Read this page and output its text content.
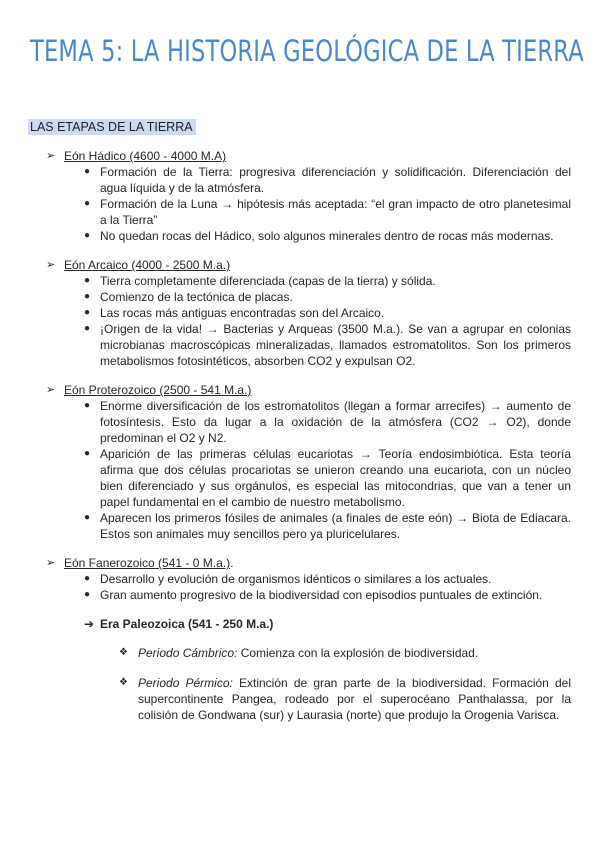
TEMA 5: LA HISTORIA GEOLÓGICA DE LA TIERRA
LAS ETAPAS DE LA TIERRA
➢ Eón Hádico (4600 - 4000 M.A)
● Formación de la Tierra: progresiva diferenciación y solidificación. Diferenciación del agua líquida y de la atmósfera.
● Formación de la Luna → hipótesis más aceptada: “el gran impacto de otro planetesimal a la Tierra”
● No quedan rocas del Hádico, solo algunos minerales dentro de rocas más modernas.
➢ Eón Arcaico (4000 - 2500 M.a.)
● Tierra completamente diferenciada (capas de la tierra) y sólida.
● Comienzo de la tectónica de placas.
● Las rocas más antiguas encontradas son del Arcaico.
● ¡Origen de la vida! → Bacterias y Arqueas (3500 M.a.). Se van a agrupar en colonias microbianas macroscópicas mineralizadas, llamados estromatolitos. Son los primeros metabolismos fotosintéticos, absorben CO2 y expulsan O2.
➢ Eón Proterozoico (2500 - 541 M.a.)
● Enorme diversificación de los estromatolitos (llegan a formar arrecifes) → aumento de fotosíntesis. Esto da lugar a la oxidación de la atmósfera (CO2 → O2), donde predominan el O2 y N2.
● Aparición de las primeras células eucariotas → Teoría endosimbiótica. Esta teoría afirma que dos células procariotas se unieron creando una eucariota, con un núcleo bien diferenciado y sus orgánulos, es especial las mitocondrias, que van a tener un papel fundamental en el cambio de nuestro metabolismo.
● Aparecen los primeros fósiles de animales (a finales de este eón) → Biota de Ediacara. Estos son animales muy sencillos pero ya pluricelulares.
➢ Eón Fanerozoico (541 - 0 M.a.).
● Desarrollo y evolución de organismos idénticos o similares a los actuales.
● Gran aumento progresivo de la biodiversidad con episodios puntuales de extinción.
➔ Era Paleozoica (541 - 250 M.a.)
❖ Periodo Cámbrico: Comienza con la explosión de biodiversidad.
❖ Periodo Pérmico: Extinción de gran parte de la biodiversidad. Formación del supercontinente Pangea, rodeado por el superocéano Panthalassa, por la colisión de Gondwana (sur) y Laurasia (norte) que produjo la Orogenia Varisca.
